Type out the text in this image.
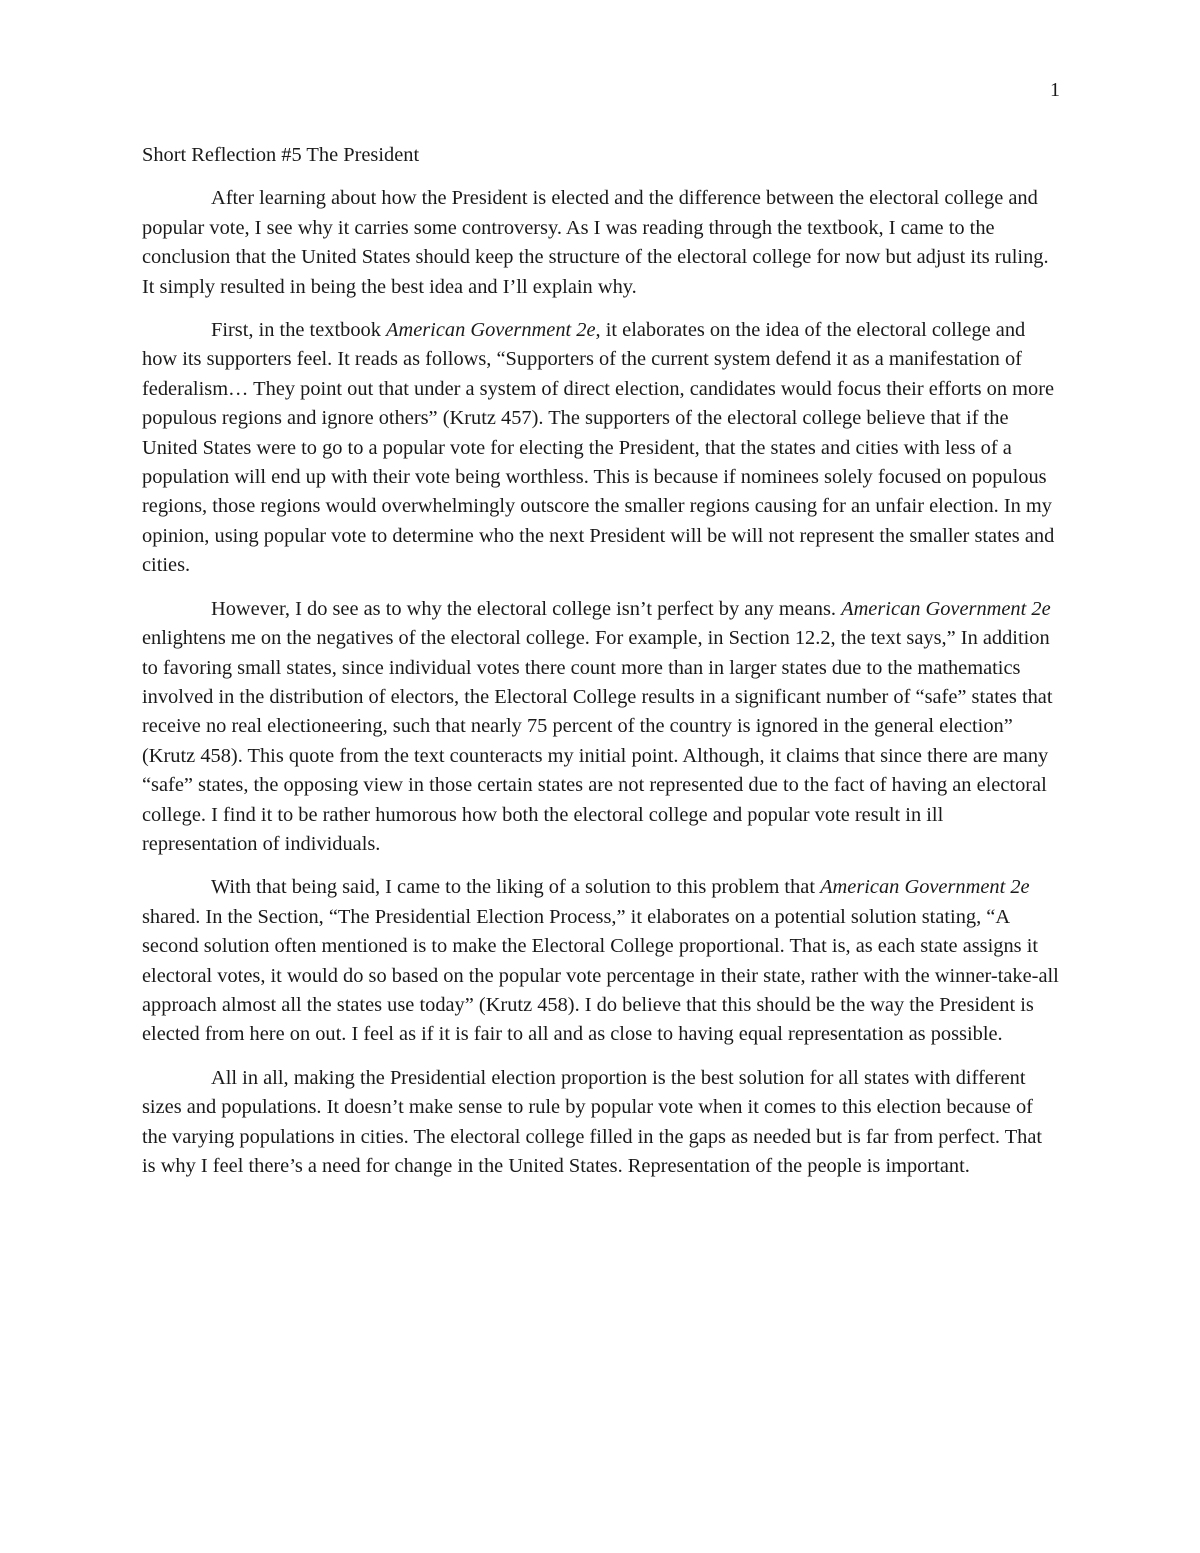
1
Short Reflection #5 The President

After learning about how the President is elected and the difference between the electoral college and popular vote, I see why it carries some controversy. As I was reading through the textbook, I came to the conclusion that the United States should keep the structure of the electoral college for now but adjust its ruling. It simply resulted in being the best idea and I’ll explain why.

First, in the textbook American Government 2e, it elaborates on the idea of the electoral college and how its supporters feel. It reads as follows, “Supporters of the current system defend it as a manifestation of federalism… They point out that under a system of direct election, candidates would focus their efforts on more populous regions and ignore others” (Krutz 457). The supporters of the electoral college believe that if the United States were to go to a popular vote for electing the President, that the states and cities with less of a population will end up with their vote being worthless. This is because if nominees solely focused on populous regions, those regions would overwhelmingly outscore the smaller regions causing for an unfair election. In my opinion, using popular vote to determine who the next President will be will not represent the smaller states and cities.

However, I do see as to why the electoral college isn’t perfect by any means. American Government 2e enlightens me on the negatives of the electoral college. For example, in Section 12.2, the text says,” In addition to favoring small states, since individual votes there count more than in larger states due to the mathematics involved in the distribution of electors, the Electoral College results in a significant number of “safe” states that receive no real electioneering, such that nearly 75 percent of the country is ignored in the general election” (Krutz 458). This quote from the text counteracts my initial point. Although, it claims that since there are many “safe” states, the opposing view in those certain states are not represented due to the fact of having an electoral college. I find it to be rather humorous how both the electoral college and popular vote result in ill representation of individuals.

With that being said, I came to the liking of a solution to this problem that American Government 2e shared. In the Section, “The Presidential Election Process,” it elaborates on a potential solution stating, “A second solution often mentioned is to make the Electoral College proportional. That is, as each state assigns it electoral votes, it would do so based on the popular vote percentage in their state, rather with the winner-take-all approach almost all the states use today” (Krutz 458). I do believe that this should be the way the President is elected from here on out. I feel as if it is fair to all and as close to having equal representation as possible.

All in all, making the Presidential election proportion is the best solution for all states with different sizes and populations. It doesn’t make sense to rule by popular vote when it comes to this election because of the varying populations in cities. The electoral college filled in the gaps as needed but is far from perfect. That is why I feel there’s a need for change in the United States. Representation of the people is important.
